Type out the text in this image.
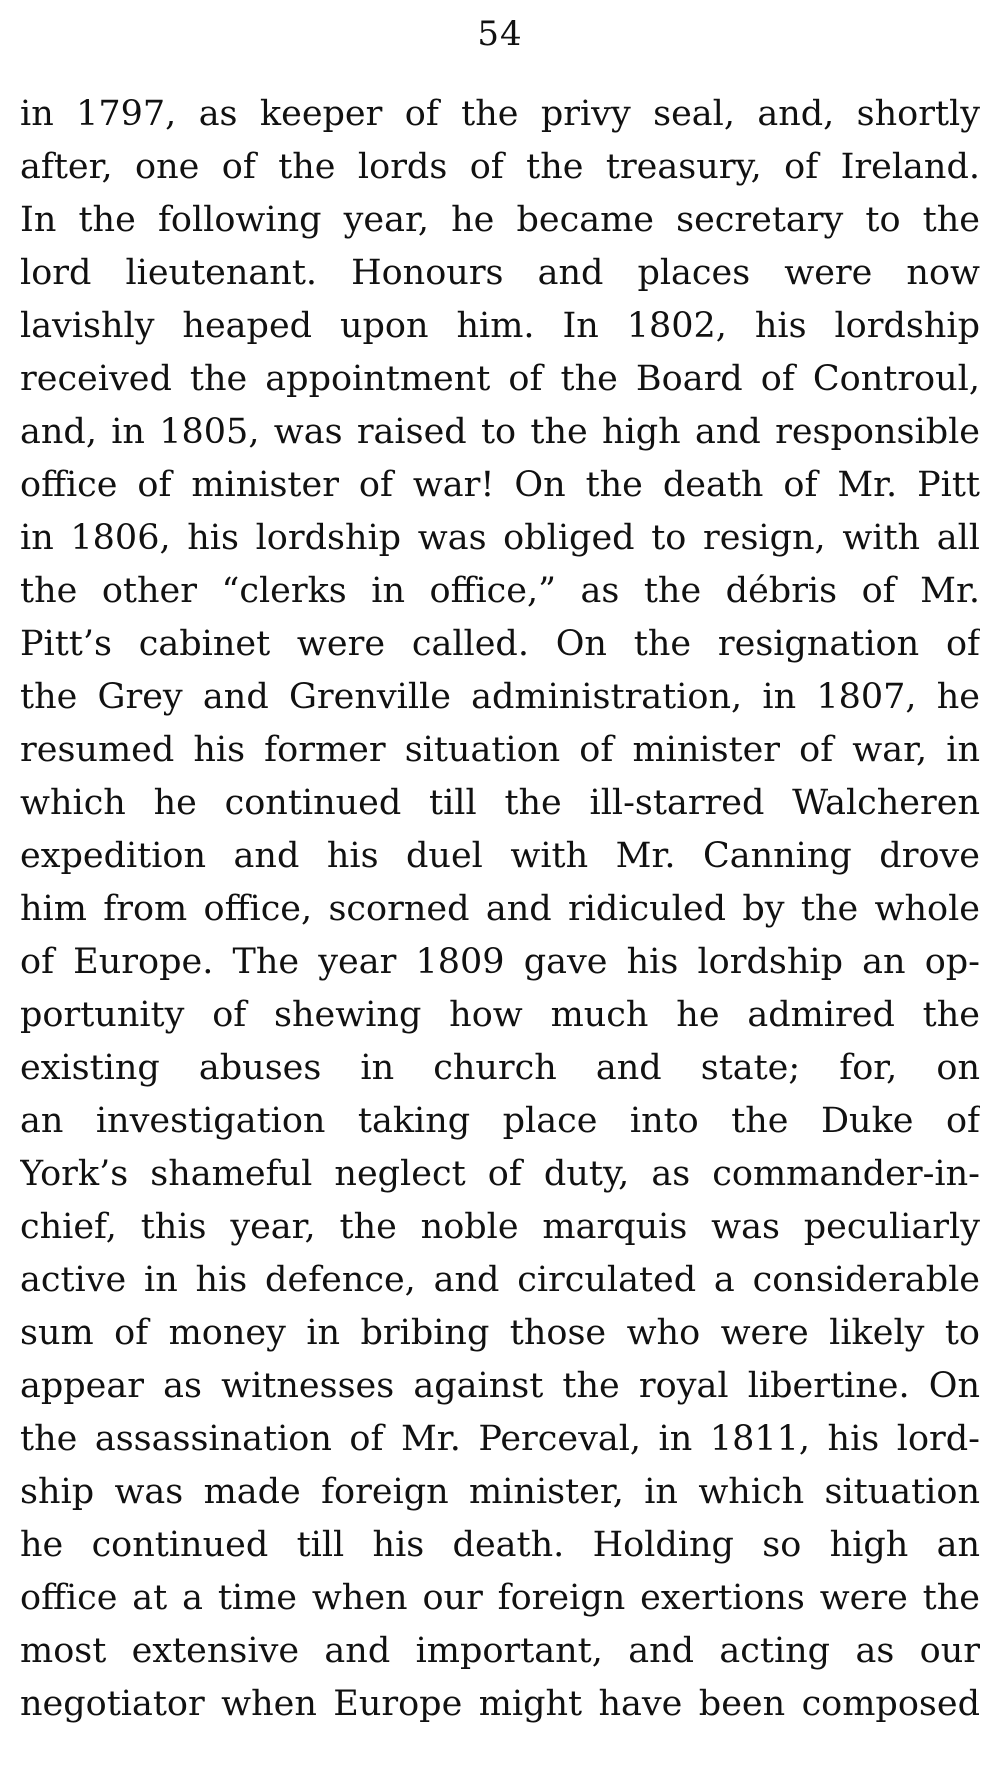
54
in 1797, as keeper of the privy seal, and, shortly
after, one of the lords of the treasury, of Ireland.
In the following year, he became secretary to the
lord lieutenant. Honours and places were now
lavishly heaped upon him. In 1802, his lordship
received the appointment of the Board of Controul,
and, in 1805, was raised to the high and responsible
office of minister of war! On the death of Mr. Pitt
in 1806, his lordship was obliged to resign, with all
the other “clerks in office,” as the débris of Mr.
Pitt’s cabinet were called. On the resignation of
the Grey and Grenville administration, in 1807, he
resumed his former situation of minister of war, in
which he continued till the ill-starred Walcheren
expedition and his duel with Mr. Canning drove
him from office, scorned and ridiculed by the whole
of Europe. The year 1809 gave his lordship an op-
portunity of shewing how much he admired the
existing abuses in church and state; for, on
an investigation taking place into the Duke of
York’s shameful neglect of duty, as commander-in-
chief, this year, the noble marquis was peculiarly
active in his defence, and circulated a considerable
sum of money in bribing those who were likely to
appear as witnesses against the royal libertine. On
the assassination of Mr. Perceval, in 1811, his lord-
ship was made foreign minister, in which situation
he continued till his death. Holding so high an
office at a time when our foreign exertions were the
most extensive and important, and acting as our
negotiator when Europe might have been composed
